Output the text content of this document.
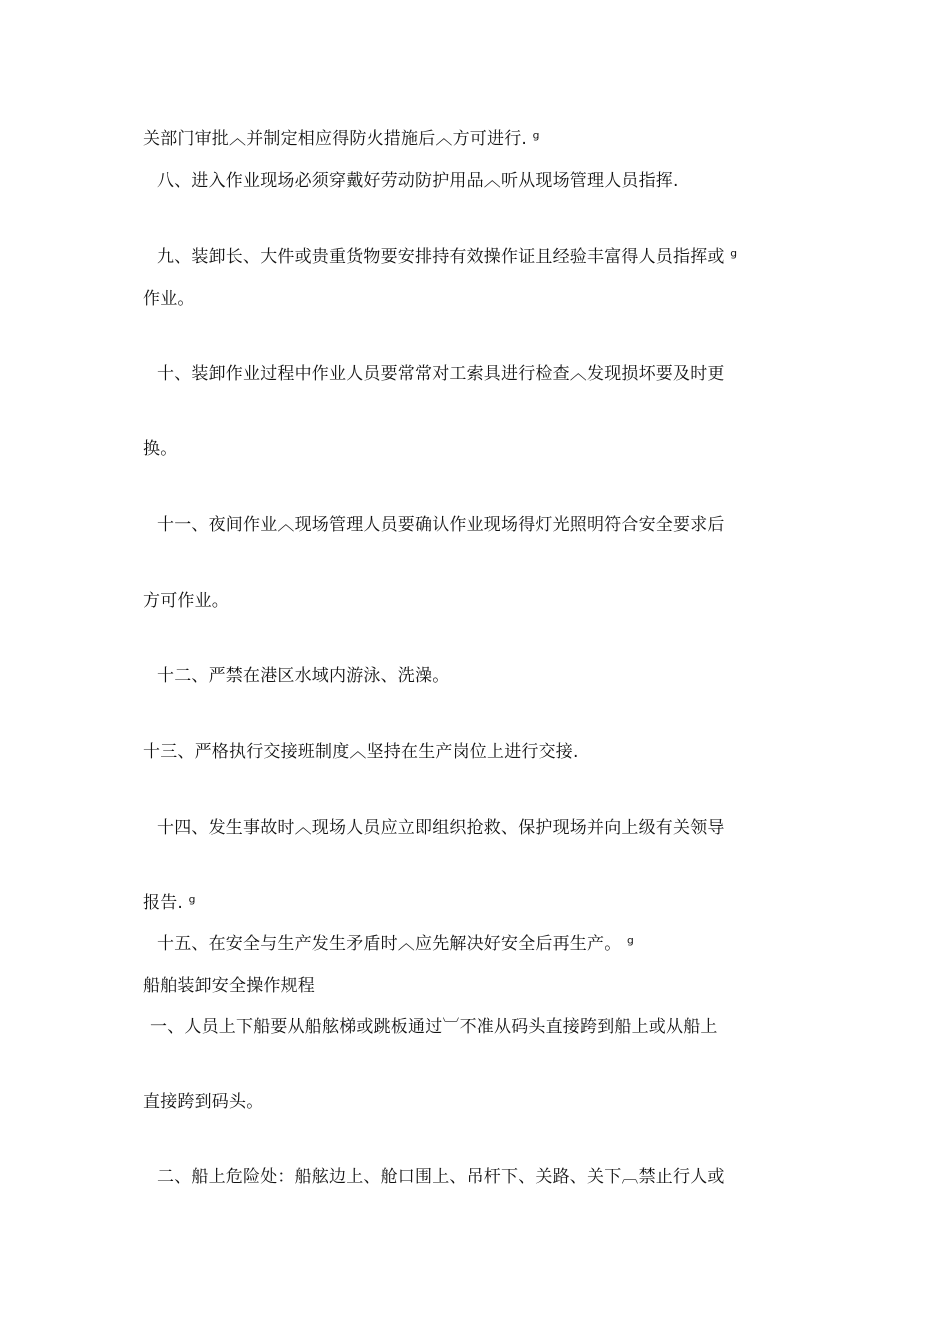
关部门审批︿并制定相应得防火措施后︿方可进行. ᵍ
八、进入作业现场必须穿戴好劳动防护用品︿听从现场管理人员指挥.
九、装卸长、大件或贵重货物要安排持有效操作证且经验丰富得人员指挥或 ᵍ
作业。
十、装卸作业过程中作业人员要常常对工索具进行检查︿发现损坏要及时更
换。
十一、夜间作业︿现场管理人员要确认作业现场得灯光照明符合安全要求后
方可作业。
十二、严禁在港区水域内游泳、洗澡。
十三、严格执行交接班制度︿坚持在生产岗位上进行交接.
十四、发生事故时︿现场人员应立即组织抢救、保护现场并向上级有关领导
报告. ᵍ
十五、在安全与生产发生矛盾时︿应先解决好安全后再生产。 ᵍ
船舶装卸安全操作规程
一、人员上下船要从船舷梯或跳板通过︺不准从码头直接跨到船上或从船上
直接跨到码头。
二、船上危险处：船舷边上、舱口围上、吊杆下、关路、关下︹禁止行人或
